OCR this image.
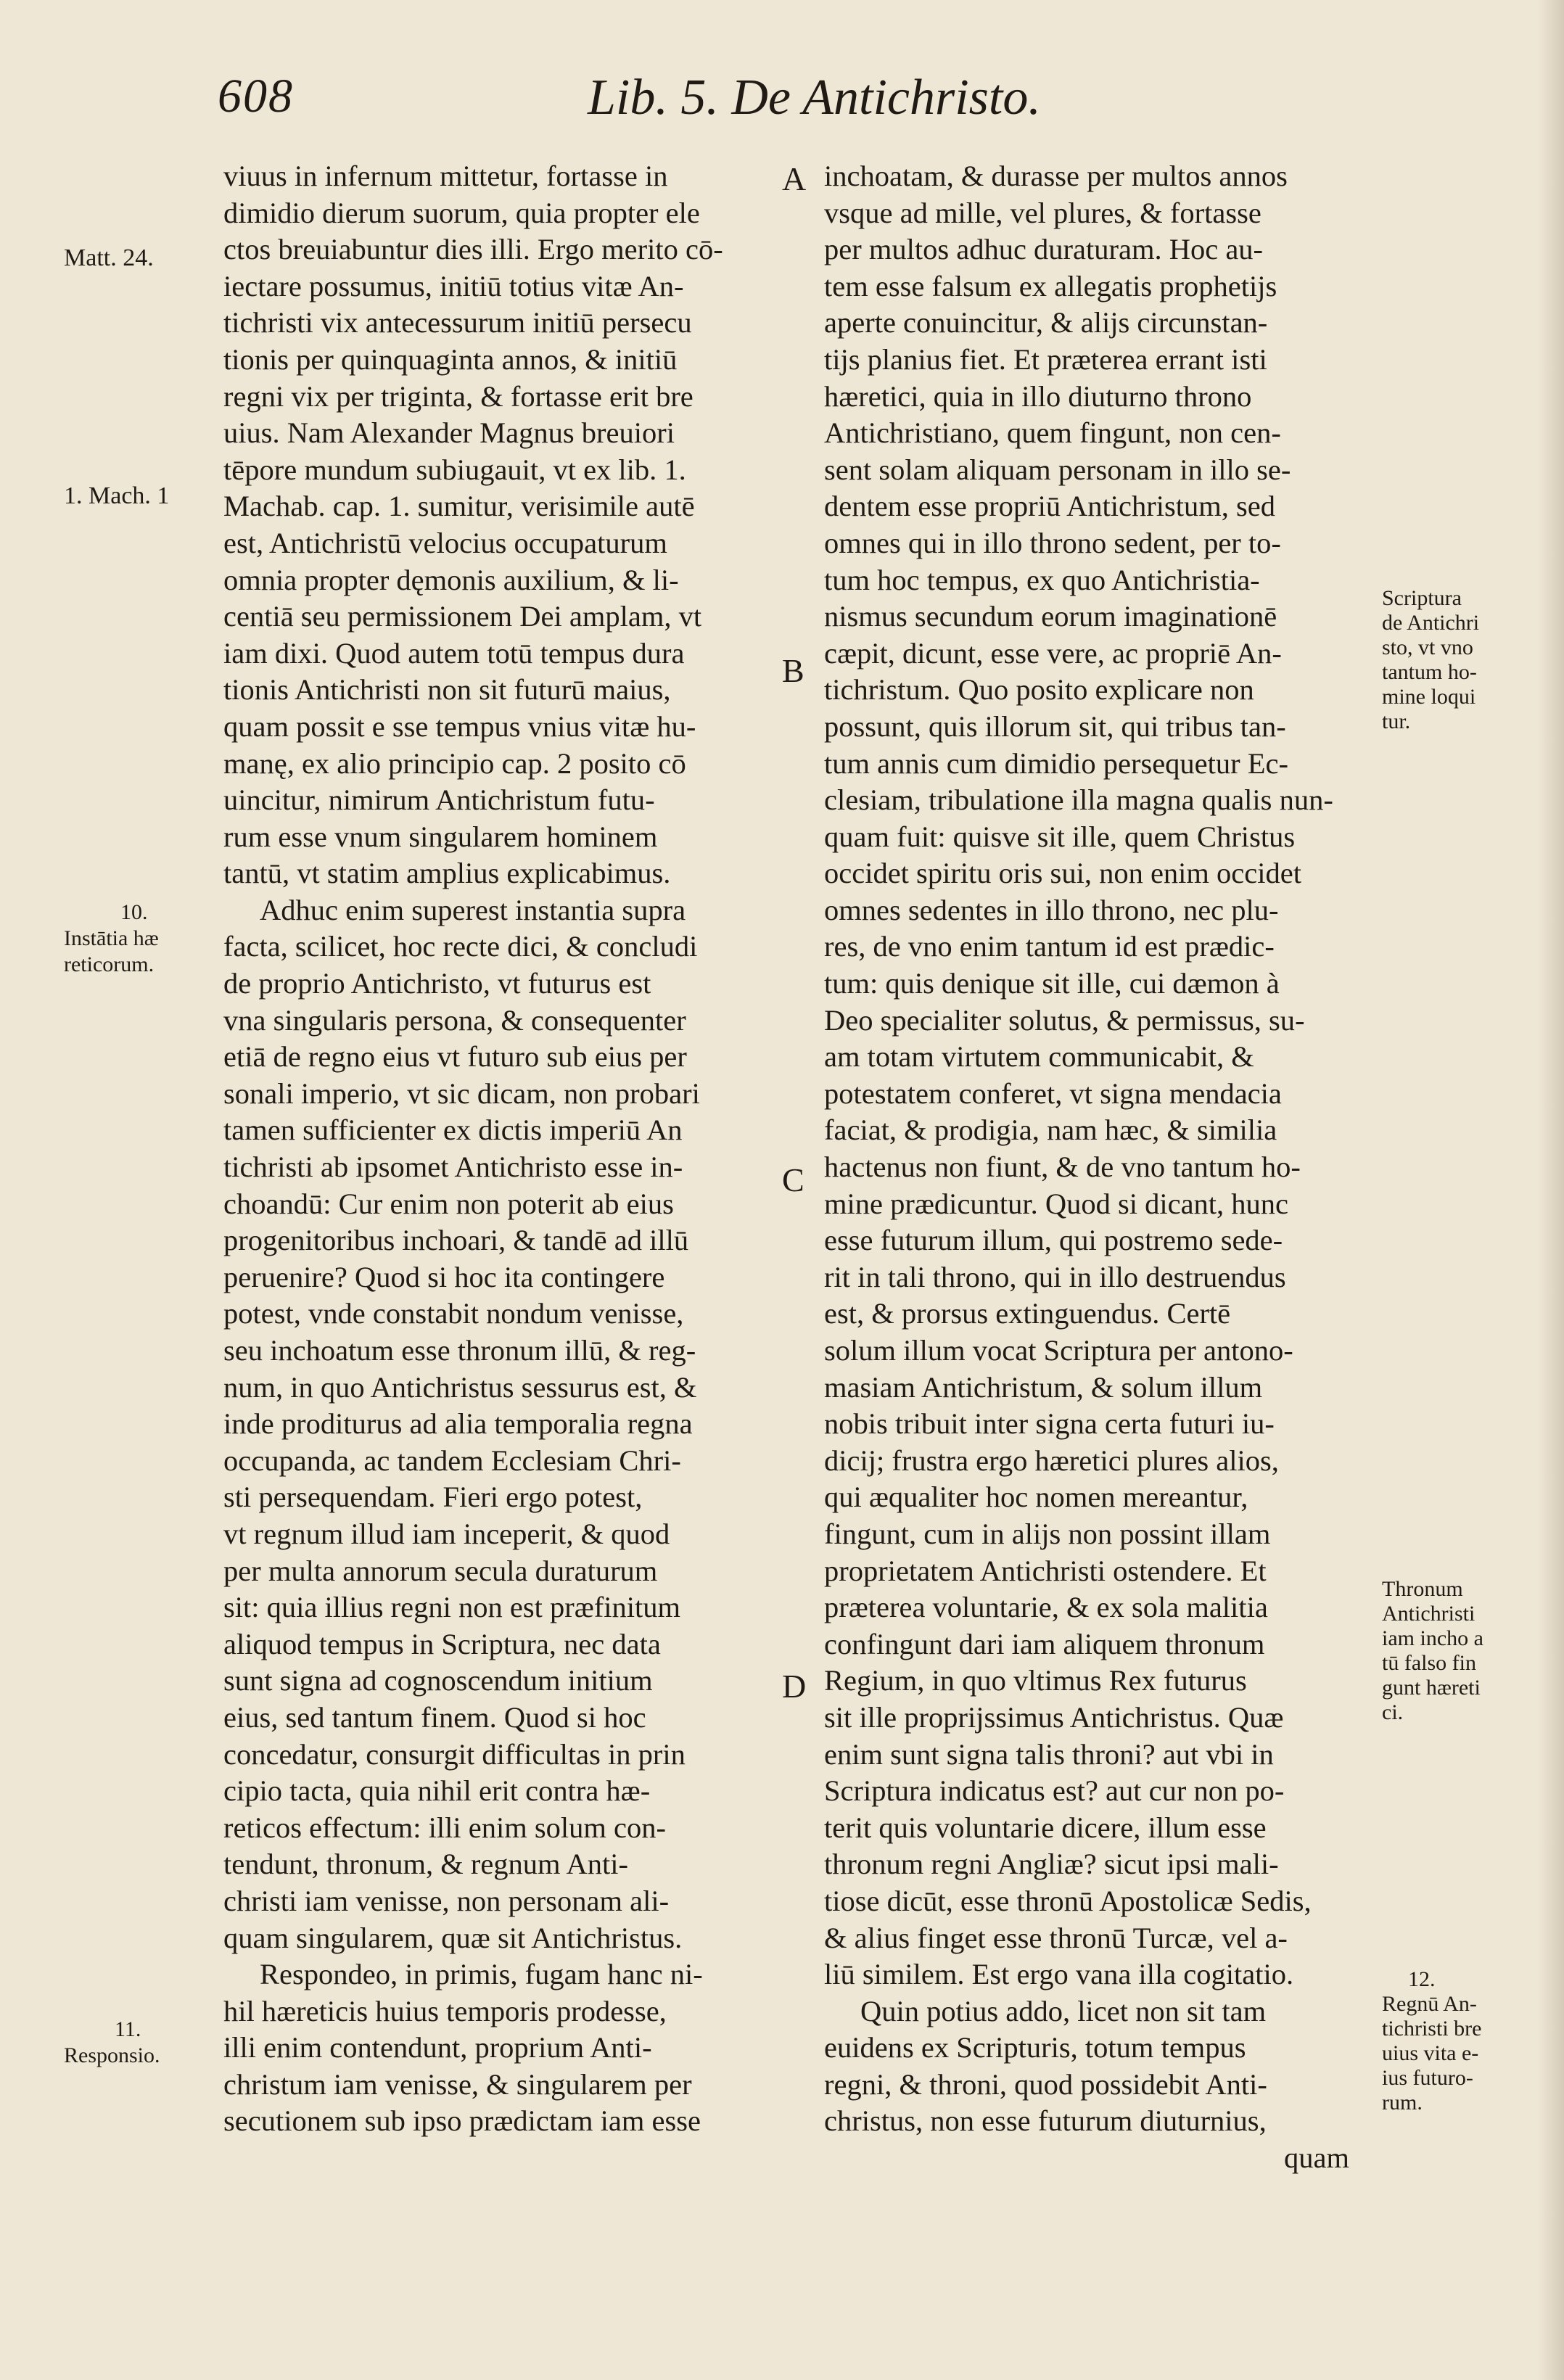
608	Lib. 5. De Antichristo.
Matt. 24.
1. Mach. 1
10.
Instātia hæ
reticorum.
11.
Responsio.
A
B
C
D
viuus in infernum mittetur, fortasse in
dimidio dierum suorum, quia propter ele
ctos breuiabuntur dies illi. Ergo merito cō-
iectare possumus, initiū totius vitæ An-
tichristi vix antecessurum initiū persecu
tionis per quinquaginta annos, & initiū
regni vix per triginta, & fortasse erit bre
uius. Nam Alexander Magnus breuiori
tēpore mundum subiugauit, vt ex lib. 1.
Machab. cap. 1. sumitur, verisimile autē
est, Antichristū velocius occupaturum
omnia propter dęmonis auxilium, & li-
centiā seu permissionem Dei amplam, vt
iam dixi. Quod autem totū tempus dura
tionis Antichristi non sit futurū maius,
quam possit e sse tempus vnius vitæ hu-
manę, ex alio principio cap. 2 posito cō
uincitur, nimirum Antichristum futu-
rum esse vnum singularem hominem
tantū, vt statim amplius explicabimus.
Adhuc enim superest instantia supra
facta, scilicet, hoc recte dici, & concludi
de proprio Antichristo, vt futurus est
vna singularis persona, & consequenter
etiā de regno eius vt futuro sub eius per
sonali imperio, vt sic dicam, non probari
tamen sufficienter ex dictis imperiū An
tichristi ab ipsomet Antichristo esse in-
choandū: Cur enim non poterit ab eius
progenitoribus inchoari, & tandē ad illū
peruenire? Quod si hoc ita contingere
potest, vnde constabit nondum venisse,
seu inchoatum esse thronum illū, & reg-
num, in quo Antichristus sessurus est, &
inde proditurus ad alia temporalia regna
occupanda, ac tandem Ecclesiam Chri-
sti persequendam. Fieri ergo potest,
vt regnum illud iam inceperit, & quod
per multa annorum secula duraturum
sit: quia illius regni non est præfinitum
aliquod tempus in Scriptura, nec data
sunt signa ad cognoscendum initium
eius, sed tantum finem. Quod si hoc
concedatur, consurgit difficultas in prin
cipio tacta, quia nihil erit contra hæ-
reticos effectum: illi enim solum con-
tendunt, thronum, & regnum Anti-
christi iam venisse, non personam ali-
quam singularem, quæ sit Antichristus.
Respondeo, in primis, fugam hanc ni-
hil hæreticis huius temporis prodesse,
illi enim contendunt, proprium Anti-
christum iam venisse, & singularem per
secutionem sub ipso prædictam iam esse
inchoatam, & durasse per multos annos
vsque ad mille, vel plures, & fortasse
per multos adhuc duraturam. Hoc au-
tem esse falsum ex allegatis prophetijs
aperte conuincitur, & alijs circunstan-
tijs planius fiet. Et præterea errant isti
hæretici, quia in illo diuturno throno
Antichristiano, quem fingunt, non cen-
sent solam aliquam personam in illo se-
dentem esse propriū Antichristum, sed
omnes qui in illo throno sedent, per to-
tum hoc tempus, ex quo Antichristia-
nismus secundum eorum imaginationē
cæpit, dicunt, esse vere, ac propriē An-
tichristum. Quo posito explicare non
possunt, quis illorum sit, qui tribus tan-
tum annis cum dimidio persequetur Ec-
clesiam, tribulatione illa magna qualis nun-
quam fuit: quisve sit ille, quem Christus
occidet spiritu oris sui, non enim occidet
omnes sedentes in illo throno, nec plu-
res, de vno enim tantum id est prædic-
tum: quis denique sit ille, cui dæmon à
Deo specialiter solutus, & permissus, su-
am totam virtutem communicabit, &
potestatem conferet, vt signa mendacia
faciat, & prodigia, nam hæc, & similia
hactenus non fiunt, & de vno tantum ho-
mine prædicuntur. Quod si dicant, hunc
esse futurum illum, qui postremo sede-
rit in tali throno, qui in illo destruendus
est, & prorsus extinguendus. Certē
solum illum vocat Scriptura per antono-
masiam Antichristum, & solum illum
nobis tribuit inter signa certa futuri iu-
dicij; frustra ergo hæretici plures alios,
qui æqualiter hoc nomen mereantur,
fingunt, cum in alijs non possint illam
proprietatem Antichristi ostendere. Et
præterea voluntarie, & ex sola malitia
confingunt dari iam aliquem thronum
Regium, in quo vltimus Rex futurus
sit ille proprijssimus Antichristus. Quæ
enim sunt signa talis throni? aut vbi in
Scriptura indicatus est? aut cur non po-
terit quis voluntarie dicere, illum esse
thronum regni Angliæ? sicut ipsi mali-
tiose dicūt, esse thronū Apostolicæ Sedis,
& alius finget esse thronū Turcæ, vel a-
liū similem. Est ergo vana illa cogitatio.
Quin potius addo, licet non sit tam
euidens ex Scripturis, totum tempus
regni, & throni, quod possidebit Anti-
christus, non esse futurum diuturnius,
quam
Scriptura
de Antichri
sto, vt vno
tantum ho-
mine loqui
tur.
Thronum
Antichristi
iam incho a
tū falso fin
gunt hæreti
ci.
12.
Regnū An-
tichristi bre
uius vita e-
ius futuro-
rum.
